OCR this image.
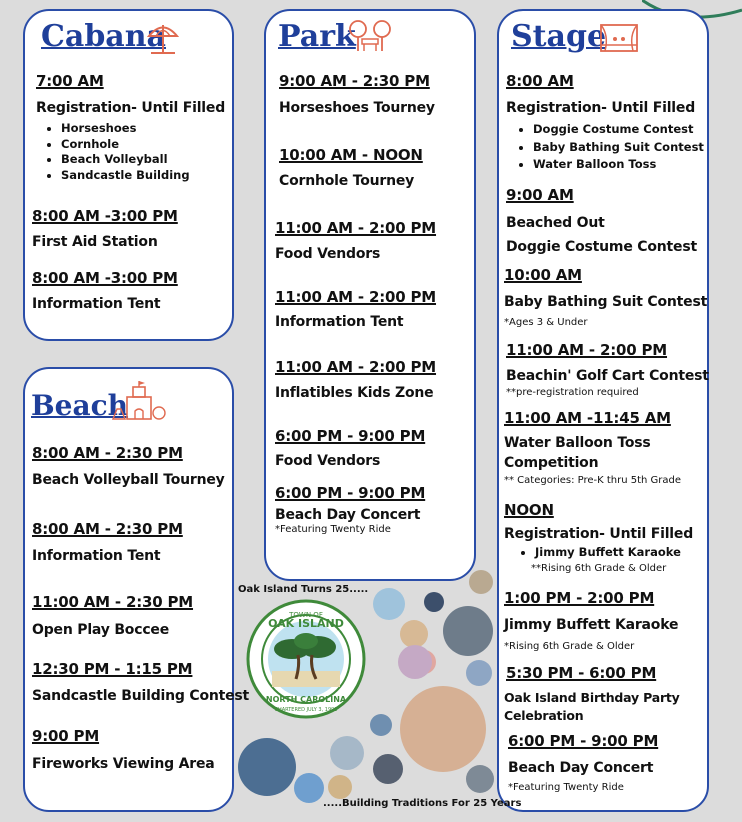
Cabana
7:00 AM
Registration- Until Filled
• Horseshoes
• Cornhole
• Beach Volleyball
• Sandcastle Building
8:00 AM -3:00 PM
First Aid Station
8:00 AM -3:00 PM
Information Tent
Park
9:00 AM - 2:30 PM
Horseshoes Tourney
10:00 AM - NOON
Cornhole Tourney
11:00 AM - 2:00 PM
Food Vendors
11:00 AM - 2:00 PM
Information Tent
11:00 AM - 2:00 PM
Inflatibles Kids Zone
6:00 PM - 9:00 PM
Food Vendors
6:00 PM - 9:00 PM
Beach Day Concert
*Featuring Twenty Ride
Stage
8:00 AM
Registration- Until Filled
• Doggie Costume Contest
• Baby Bathing Suit Contest
• Water Balloon Toss
9:00 AM
Beached Out
Doggie Costume Contest
10:00 AM
Baby Bathing Suit Contest
*Ages 3 & Under
11:00 AM - 2:00 PM
Beachin' Golf Cart Contest
**pre-registration required
11:00 AM -11:45 AM
Water Balloon Toss
Competition
** Categories: Pre-K thru 5th Grade
NOON
Registration- Until Filled
• Jimmy Buffett Karaoke
**Rising 6th Grade & Older
1:00 PM - 2:00 PM
Jimmy Buffett Karaoke
*Rising 6th Grade & Older
5:30 PM - 6:00 PM
Oak Island Birthday Party
Celebration
6:00 PM - 9:00 PM
Beach Day Concert
*Featuring Twenty Ride
Beach
8:00 AM - 2:30 PM
Beach Volleyball Tourney
8:00 AM - 2:30 PM
Information Tent
11:00 AM - 2:30 PM
Open Play Boccee
12:30 PM - 1:15 PM
Sandcastle Building Contest
9:00 PM
Fireworks Viewing Area
Oak Island Turns 25.....
TOWN OF
OAK ISLAND
NORTH CAROLINA
CHARTERED JULY 3, 1999
.....Building Traditions For 25 Years
